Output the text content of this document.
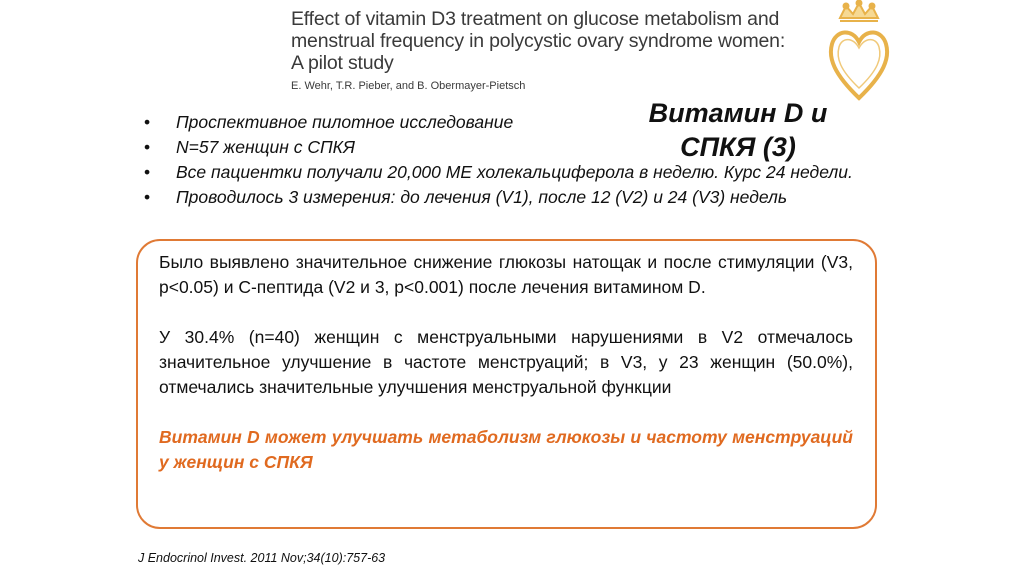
Effect of vitamin D3 treatment on glucose metabolism and
menstrual frequency in polycystic ovary syndrome women:
A pilot study
E. Wehr, T.R. Pieber, and B. Obermayer-Pietsch
Витамин D и
СПКЯ (3)
• Проспективное пилотное исследование
• N=57 женщин с СПКЯ
• Все пациентки получали 20,000 МЕ холекальциферола в неделю. Курс 24 недели.
• Проводилось 3 измерения: до лечения (V1), после 12 (V2) и 24 (V3) недель

Было выявлено значительное снижение глюкозы натощак и после стимуляции (V3, p<0.05) и С-пептида (V2 и 3, p<0.001) после лечения витамином D.

У 30.4% (n=40) женщин с менструальными нарушениями в V2 отмечалось значительное улучшение в частоте менструаций; в V3, у 23 женщин (50.0%), отмечались значительные улучшения менструальной функции

Витамин D может улучшать метаболизм глюкозы и частоту менструаций у женщин с СПКЯ

J Endocrinol Invest. 2011 Nov;34(10):757-63
